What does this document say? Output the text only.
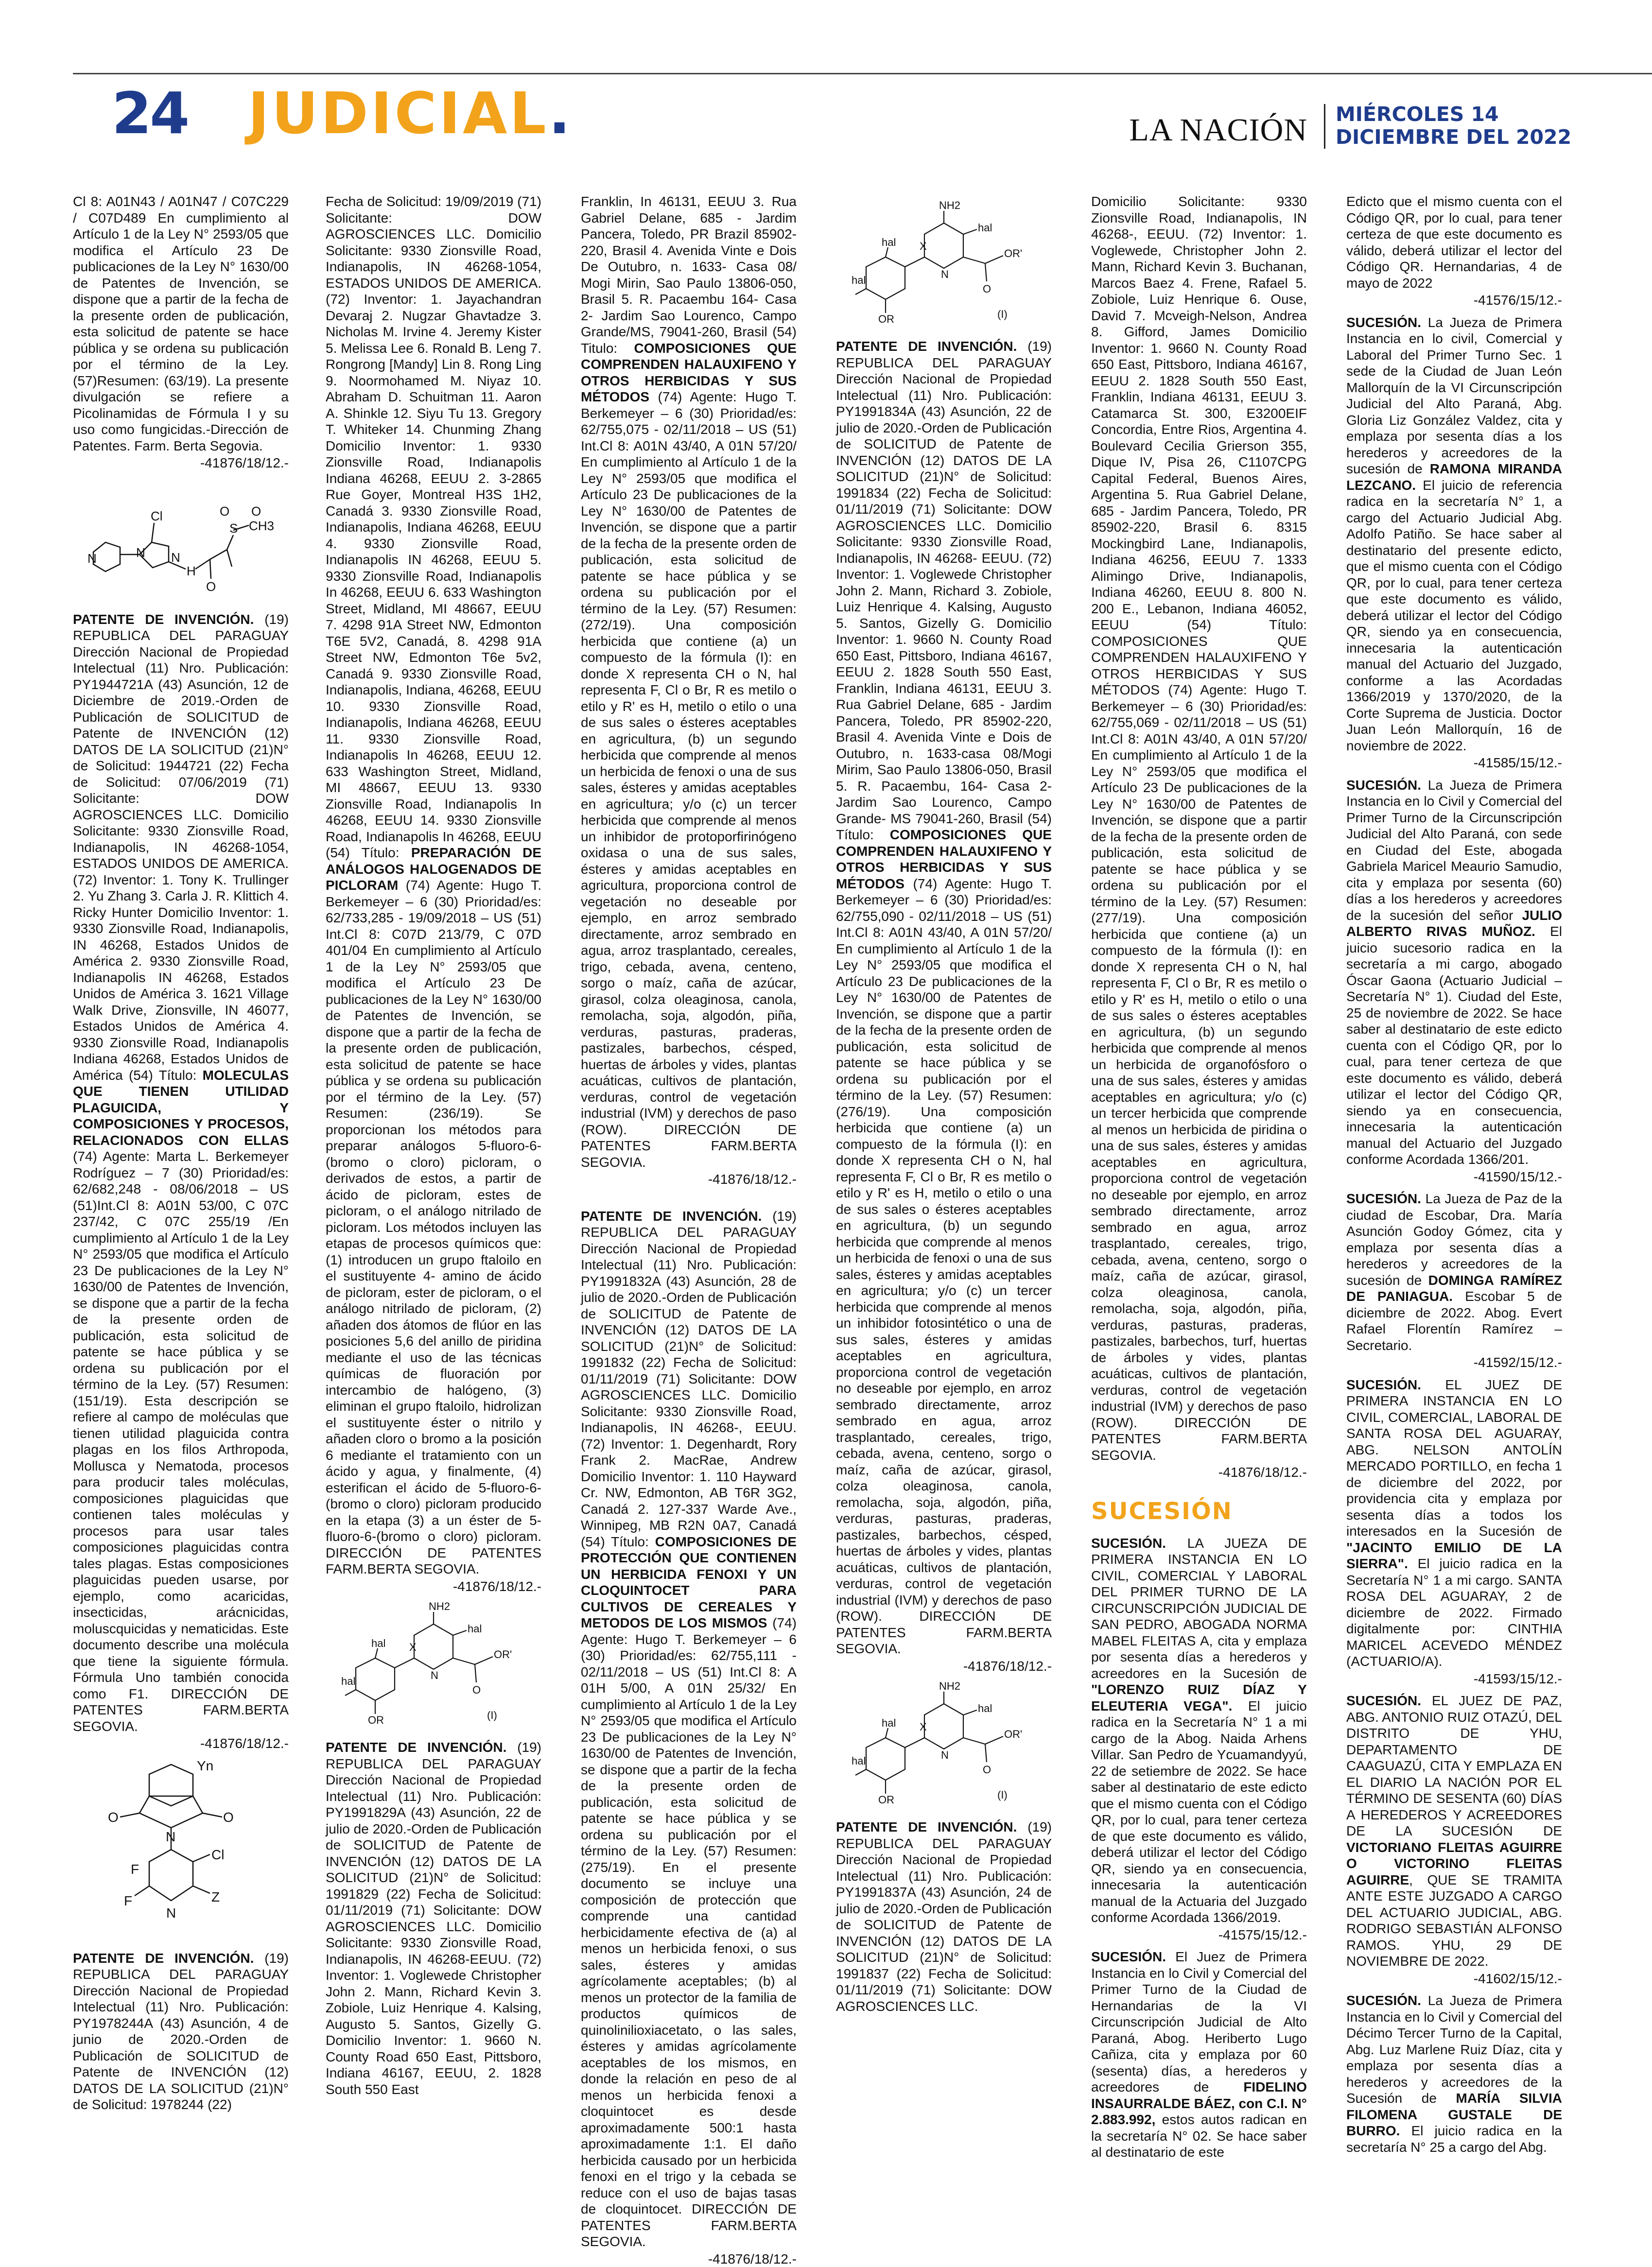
24 JUDICIAL.	LA NACIÓN MIÉRCOLES 14
DICIEMBRE DEL 2022

Cl 8: A01N43 / A01N47 / C07C229 / C07D489 En cumplimiento al Artículo 1 de la Ley N° 2593/05 que modifica el Artículo 23 De publicaciones de la Ley N° 1630/00 de Patentes de Invención, se dispone que a partir de la fecha de la presente orden de publicación, esta solicitud de patente se hace pública y se ordena su publicación por el término de la Ley. (57)Resumen: (63/19). La presente divulgación se refiere a Picolinamidas de Fórmula I y su uso como fungicidas.-Dirección de Patentes. Farm. Berta Segovia.
-41876/18/12.-

N	N N
Cl
H
O
S
O O
CH3

PATENTE DE INVENCIÓN. (19) REPUBLICA DEL PARAGUAY Dirección Nacional de Propiedad Intelectual (11) Nro. Publicación: PY1944721A (43) Asunción, 12 de Diciembre de 2019.-Orden de Publicación de SOLICITUD de Patente de INVENCIÓN (12) DATOS DE LA SOLICITUD (21)N° de Solicitud: 1944721 (22) Fecha de Solicitud: 07/06/2019 (71) Solicitante: DOW AGROSCIENCES LLC. Domicilio Solicitante: 9330 Zionsville Road, Indianapolis, IN 46268-1054, ESTADOS UNIDOS DE AMERICA. (72) Inventor: 1. Tony K. Trullinger 2. Yu Zhang 3. Carla J. R. Klittich 4. Ricky Hunter Domicilio Inventor: 1. 9330 Zionsville Road, Indianapolis, IN 46268, Estados Unidos de América 2. 9330 Zionsville Road, Indianapolis IN 46268, Estados Unidos de América 3. 1621 Village Walk Drive, Zionsville, IN 46077, Estados Unidos de América 4. 9330 Zionsville Road, Indianapolis Indiana 46268, Estados Unidos de América (54) Título: MOLECULAS QUE TIENEN UTILIDAD PLAGUICIDA, Y COMPOSICIONES Y PROCESOS, RELACIONADOS CON ELLAS (74) Agente: Marta L. Berkemeyer Rodríguez – 7 (30) Prioridad/es: 62/682,248 - 08/06/2018 – US (51)Int.Cl 8: A01N 53/00, C 07C 237/42, C 07C 255/19 /En cumplimiento al Artículo 1 de la Ley N° 2593/05 que modifica el Artículo 23 De publicaciones de la Ley N° 1630/00 de Patentes de Invención, se dispone que a partir de la fecha de la presente orden de publicación, esta solicitud de patente se hace pública y se ordena su publicación por el término de la Ley. (57) Resumen: (151/19). Esta descripción se refiere al campo de moléculas que tienen utilidad plaguicida contra plagas en los filos Arthropoda, Mollusca y Nematoda, procesos para producir tales moléculas, composiciones plaguicidas que contienen tales moléculas y procesos para usar tales composiciones plaguicidas contra tales plagas. Estas composiciones plaguicidas pueden usarse, por ejemplo, como acaricidas, insecticidas, arácnicidas, moluscquicidas y nematicidas. Este documento describe una molécula que tiene la siguiente fórmula. Fórmula Uno también conocida como F1. DIRECCIÓN DE PATENTES FARM.BERTA SEGOVIA.
-41876/18/12.-

Yn
O	O
N
F
F
Cl
N
Z

PATENTE DE INVENCIÓN. (19) REPUBLICA DEL PARAGUAY Dirección Nacional de Propiedad Intelectual (11) Nro. Publicación: PY1978244A (43) Asunción, 4 de junio de 2020.-Orden de Publicación de SOLICITUD de Patente de INVENCIÓN (12) DATOS DE LA SOLICITUD (21)N° de Solicitud: 1978244 (22)

Fecha de Solicitud: 19/09/2019 (71) Solicitante: DOW AGROSCIENCES LLC. Domicilio Solicitante: 9330 Zionsville Road, Indianapolis, IN 46268-1054, ESTADOS UNIDOS DE AMERICA. (72) Inventor: 1. Jayachandran Devaraj 2. Nugzar Ghavtadze 3. Nicholas M. Irvine 4. Jeremy Kister 5. Melissa Lee 6. Ronald B. Leng 7. Rongrong [Mandy] Lin 8. Rong Ling 9. Noormohamed M. Niyaz 10. Abraham D. Schuitman 11. Aaron A. Shinkle 12. Siyu Tu 13. Gregory T. Whiteker 14. Chunming Zhang Domicilio Inventor: 1. 9330 Zionsville Road, Indianapolis Indiana 46268, EEUU 2. 3-2865 Rue Goyer, Montreal H3S 1H2, Canadá 3. 9330 Zionsville Road, Indianapolis, Indiana 46268, EEUU 4. 9330 Zionsville Road, Indianapolis IN 46268, EEUU 5. 9330 Zionsville Road, Indianapolis In 46268, EEUU 6. 633 Washington Street, Midland, MI 48667, EEUU 7. 4298 91A Street NW, Edmonton T6E 5V2, Canadá, 8. 4298 91A Street NW, Edmonton T6e 5v2, Canadá 9. 9330 Zionsville Road, Indianapolis, Indiana, 46268, EEUU 10. 9330 Zionsville Road, Indianapolis, Indiana 46268, EEUU 11. 9330 Zionsville Road, Indianapolis In 46268, EEUU 12. 633 Washington Street, Midland, MI 48667, EEUU 13. 9330 Zionsville Road, Indianapolis In 46268, EEUU 14. 9330 Zionsville Road, Indianapolis In 46268, EEUU (54) Título: PREPARACIÓN DE ANÁLOGOS HALOGENADOS DE PICLORAM (74) Agente: Hugo T. Berkemeyer – 6 (30) Prioridad/es: 62/733,285 - 19/09/2018 – US (51) Int.Cl 8: C07D 213/79, C 07D 401/04 En cumplimiento al Artículo 1 de la Ley N° 2593/05 que modifica el Artículo 23 De publicaciones de la Ley N° 1630/00 de Patentes de Invención, se dispone que a partir de la fecha de la presente orden de publicación, esta solicitud de patente se hace pública y se ordena su publicación por el término de la Ley. (57) Resumen: (236/19). Se proporcionan los métodos para preparar análogos 5-fluoro-6-(bromo o cloro) picloram, o derivados de estos, a partir de ácido de picloram, estes de picloram, o el análogo nitrilado de picloram. Los métodos incluyen las etapas de procesos químicos que: (1) introducen un grupo ftaloilo en el sustituyente 4- amino de ácido de picloram, ester de picloram, o el análogo nitrilado de picloram, (2) añaden dos átomos de flúor en las posiciones 5,6 del anillo de piridina mediante el uso de las técnicas químicas de fluoración por intercambio de halógeno, (3) eliminan el grupo ftaloilo, hidrolizan el sustituyente éster o nitrilo y añaden cloro o bromo a la posición 6 mediante el tratamiento con un ácido y agua, y finalmente, (4) esterifican el ácido de 5-fluoro-6-(bromo o cloro) picloram producido en la etapa (3) a un éster de 5-fluoro-6-(bromo o cloro) picloram. DIRECCIÓN DE PATENTES FARM.BERTA SEGOVIA.
-41876/18/12.-

NH2
hal
N
X
O
OR'
hal
OR
hal
(I)

PATENTE DE INVENCIÓN. (19) REPUBLICA DEL PARAGUAY Dirección Nacional de Propiedad Intelectual (11) Nro. Publicación: PY1991829A (43) Asunción, 22 de julio de 2020.-Orden de Publicación de SOLICITUD de Patente de INVENCIÓN (12) DATOS DE LA SOLICITUD (21)N° de Solicitud: 1991829 (22) Fecha de Solicitud: 01/11/2019 (71) Solicitante: DOW AGROSCIENCES LLC. Domicilio Solicitante: 9330 Zionsville Road, Indianapolis, IN 46268-EEUU. (72) Inventor: 1. Voglewede Christopher John 2. Mann, Richard Kevin 3. Zobiole, Luiz Henrique 4. Kalsing, Augusto 5. Santos, Gizelly G. Domicilio Inventor: 1. 9660 N. County Road 650 East, Pittsboro, Indiana 46167, EEUU, 2. 1828 South 550 East

Franklin, In 46131, EEUU 3. Rua Gabriel Delane, 685 - Jardim Pancera, Toledo, PR Brazil 85902-220, Brasil 4. Avenida Vinte e Dois De Outubro, n. 1633- Casa 08/ Mogi Mirin, Sao Paulo 13806-050, Brasil 5. R. Pacaembu 164- Casa 2- Jardim Sao Lourenco, Campo Grande/MS, 79041-260, Brasil (54) Titulo: COMPOSICIONES QUE COMPRENDEN HALAUXIFENO Y OTROS HERBICIDAS Y SUS MÉTODOS (74) Agente: Hugo T. Berkemeyer – 6 (30) Prioridad/es: 62/755,075 - 02/11/2018 – US (51) Int.Cl 8: A01N 43/40, A 01N 57/20/ En cumplimiento al Artículo 1 de la Ley N° 2593/05 que modifica el Artículo 23 De publicaciones de la Ley N° 1630/00 de Patentes de Invención, se dispone que a partir de la fecha de la presente orden de publicación, esta solicitud de patente se hace pública y se ordena su publicación por el término de la Ley. (57) Resumen: (272/19). Una composición herbicida que contiene (a) un compuesto de la fórmula (I): en donde X representa CH o N, hal representa F, Cl o Br, R es metilo o etilo y R' es H, metilo o etilo o una de sus sales o ésteres aceptables en agricultura, (b) un segundo herbicida que comprende al menos un herbicida de fenoxi o una de sus sales, ésteres y amidas aceptables en agricultura; y/o (c) un tercer herbicida que comprende al menos un inhibidor de protoporfirinógeno oxidasa o una de sus sales, ésteres y amidas aceptables en agricultura, proporciona control de vegetación no deseable por ejemplo, en arroz sembrado directamente, arroz sembrado en agua, arroz trasplantado, cereales, trigo, cebada, avena, centeno, sorgo o maíz, caña de azúcar, girasol, colza oleaginosa, canola, remolacha, soja, algodón, piña, verduras, pasturas, praderas, pastizales, barbechos, césped, huertas de árboles y vides, plantas acuáticas, cultivos de plantación, verduras, control de vegetación industrial (IVM) y derechos de paso (ROW). DIRECCIÓN DE PATENTES FARM.BERTA SEGOVIA.
-41876/18/12.-

PATENTE DE INVENCIÓN. (19) REPUBLICA DEL PARAGUAY Dirección Nacional de Propiedad Intelectual (11) Nro. Publicación: PY1991832A (43) Asunción, 28 de julio de 2020.-Orden de Publicación de SOLICITUD de Patente de INVENCIÓN (12) DATOS DE LA SOLICITUD (21)N° de Solicitud: 1991832 (22) Fecha de Solicitud: 01/11/2019 (71) Solicitante: DOW AGROSCIENCES LLC. Domicilio Solicitante: 9330 Zionsville Road, Indianapolis, IN 46268-, EEUU. (72) Inventor: 1. Degenhardt, Rory Frank 2. MacRae, Andrew Domicilio Inventor: 1. 110 Hayward Cr. NW, Edmonton, AB T6R 3G2, Canadá 2. 127-337 Warde Ave., Winnipeg, MB R2N 0A7, Canadá (54) Título: COMPOSICIONES DE PROTECCIÓN QUE CONTIENEN UN HERBICIDA FENOXI Y UN CLOQUINTOCET PARA CULTIVOS DE CEREALES Y METODOS DE LOS MISMOS (74) Agente: Hugo T. Berkemeyer – 6 (30) Prioridad/es: 62/755,111 - 02/11/2018 – US (51) Int.Cl 8: A 01H 5/00, A 01N 25/32/ En cumplimiento al Artículo 1 de la Ley N° 2593/05 que modifica el Artículo 23 De publicaciones de la Ley N° 1630/00 de Patentes de Invención, se dispone que a partir de la fecha de la presente orden de publicación, esta solicitud de patente se hace pública y se ordena su publicación por el término de la Ley. (57) Resumen: (275/19). En el presente documento se incluye una composición de protección que comprende una cantidad herbicidamente efectiva de (a) al menos un herbicida fenoxi, o sus sales, ésteres y amidas agrícolamente aceptables; (b) al menos un protector de la familia de productos químicos de quinolinilioxiacetato, o las sales, ésteres y amidas agrícolamente aceptables de los mismos, en donde la relación en peso de al menos un herbicida fenoxi a cloquintocet es desde aproximadamente 500:1 hasta aproximadamente 1:1. El daño herbicida causado por un herbicida fenoxi en el trigo y la cebada se reduce con el uso de bajas tasas de cloquintocet. DIRECCIÓN DE PATENTES FARM.BERTA SEGOVIA.
-41876/18/12.-

NH2
hal
N
X
O
OR'
hal
OR
hal
(I)

PATENTE DE INVENCIÓN. (19) REPUBLICA DEL PARAGUAY Dirección Nacional de Propiedad Intelectual (11) Nro. Publicación: PY1991834A (43) Asunción, 22 de julio de 2020.-Orden de Publicación de SOLICITUD de Patente de INVENCIÓN (12) DATOS DE LA SOLICITUD (21)N° de Solicitud: 1991834 (22) Fecha de Solicitud: 01/11/2019 (71) Solicitante: DOW AGROSCIENCES LLC. Domicilio Solicitante: 9330 Zionsville Road, Indianapolis, IN 46268- EEUU. (72) Inventor: 1. Voglewede Christopher John 2. Mann, Richard 3. Zobiole, Luiz Henrique 4. Kalsing, Augusto 5. Santos, Gizelly G. Domicilio Inventor: 1. 9660 N. County Road 650 East, Pittsboro, Indiana 46167, EEUU 2. 1828 South 550 East, Franklin, Indiana 46131, EEUU 3. Rua Gabriel Delane, 685 - Jardim Pancera, Toledo, PR 85902-220, Brasil 4. Avenida Vinte e Dois de Outubro, n. 1633-casa 08/Mogi Mirim, Sao Paulo 13806-050, Brasil 5. R. Pacaembu, 164- Casa 2- Jardim Sao Lourenco, Campo Grande- MS 79041-260, Brasil (54) Título: COMPOSICIONES QUE COMPRENDEN HALAUXIFENO Y OTROS HERBICIDAS Y SUS MÉTODOS (74) Agente: Hugo T. Berkemeyer – 6 (30) Prioridad/es: 62/755,090 - 02/11/2018 – US (51) Int.Cl 8: A01N 43/40, A 01N 57/20/ En cumplimiento al Artículo 1 de la Ley N° 2593/05 que modifica el Artículo 23 De publicaciones de la Ley N° 1630/00 de Patentes de Invención, se dispone que a partir de la fecha de la presente orden de publicación, esta solicitud de patente se hace pública y se ordena su publicación por el término de la Ley. (57) Resumen: (276/19). Una composición herbicida que contiene (a) un compuesto de la fórmula (I): en donde X representa CH o N, hal representa F, Cl o Br, R es metilo o etilo y R' es H, metilo o etilo o una de sus sales o ésteres aceptables en agricultura, (b) un segundo herbicida que comprende al menos un herbicida de fenoxi o una de sus sales, ésteres y amidas aceptables en agricultura; y/o (c) un tercer herbicida que comprende al menos un inhibidor fotosintético o una de sus sales, ésteres y amidas aceptables en agricultura, proporciona control de vegetación no deseable por ejemplo, en arroz sembrado directamente, arroz sembrado en agua, arroz trasplantado, cereales, trigo, cebada, avena, centeno, sorgo o maíz, caña de azúcar, girasol, colza oleaginosa, canola, remolacha, soja, algodón, piña, verduras, pasturas, praderas, pastizales, barbechos, césped, huertas de árboles y vides, plantas acuáticas, cultivos de plantación, verduras, control de vegetación industrial (IVM) y derechos de paso (ROW). DIRECCIÓN DE PATENTES FARM.BERTA SEGOVIA.
-41876/18/12.-

NH2
hal
N
X
O
OR'
hal
OR
hal
(I)

PATENTE DE INVENCIÓN. (19) REPUBLICA DEL PARAGUAY Dirección Nacional de Propiedad Intelectual (11) Nro. Publicación: PY1991837A (43) Asunción, 24 de julio de 2020.-Orden de Publicación de SOLICITUD de Patente de INVENCIÓN (12) DATOS DE LA SOLICITUD (21)N° de Solicitud: 1991837 (22) Fecha de Solicitud: 01/11/2019 (71) Solicitante: DOW AGROSCIENCES LLC.

Domicilio Solicitante: 9330 Zionsville Road, Indianapolis, IN 46268-, EEUU. (72) Inventor: 1. Voglewede, Christopher John 2. Mann, Richard Kevin 3. Buchanan, Marcos Baez 4. Frene, Rafael 5. Zobiole, Luiz Henrique 6. Ouse, David 7. Mcveigh-Nelson, Andrea 8. Gifford, James Domicilio Inventor: 1. 9660 N. County Road 650 East, Pittsboro, Indiana 46167, EEUU 2. 1828 South 550 East, Franklin, Indiana 46131, EEUU 3. Catamarca St. 300, E3200EIF Concordia, Entre Rios, Argentina 4. Boulevard Cecilia Grierson 355, Dique IV, Pisa 26, C1107CPG Capital Federal, Buenos Aires, Argentina 5. Rua Gabriel Delane, 685 - Jardim Pancera, Toledo, PR 85902-220, Brasil 6. 8315 Mockingbird Lane, Indianapolis, Indiana 46256, EEUU 7. 1333 Alimingo Drive, Indianapolis, Indiana 46260, EEUU 8. 800 N. 200 E., Lebanon, Indiana 46052, EEUU (54) Título: COMPOSICIONES QUE COMPRENDEN HALAUXIFENO Y OTROS HERBICIDAS Y SUS MÉTODOS (74) Agente: Hugo T. Berkemeyer – 6 (30) Prioridad/es: 62/755,069 - 02/11/2018 – US (51) Int.Cl 8: A01N 43/40, A 01N 57/20/ En cumplimiento al Artículo 1 de la Ley N° 2593/05 que modifica el Artículo 23 De publicaciones de la Ley N° 1630/00 de Patentes de Invención, se dispone que a partir de la fecha de la presente orden de publicación, esta solicitud de patente se hace pública y se ordena su publicación por el término de la Ley. (57) Resumen: (277/19). Una composición herbicida que contiene (a) un compuesto de la fórmula (I): en donde X representa CH o N, hal representa F, Cl o Br, R es metilo o etilo y R' es H, metilo o etilo o una de sus sales o ésteres aceptables en agricultura, (b) un segundo herbicida que comprende al menos un herbicida de organofósforo o una de sus sales, ésteres y amidas aceptables en agricultura; y/o (c) un tercer herbicida que comprende al menos un herbicida de piridina o una de sus sales, ésteres y amidas aceptables en agricultura, proporciona control de vegetación no deseable por ejemplo, en arroz sembrado directamente, arroz sembrado en agua, arroz trasplantado, cereales, trigo, cebada, avena, centeno, sorgo o maíz, caña de azúcar, girasol, colza oleaginosa, canola, remolacha, soja, algodón, piña, verduras, pasturas, praderas, pastizales, barbechos, turf, huertas de árboles y vides, plantas acuáticas, cultivos de plantación, verduras, control de vegetación industrial (IVM) y derechos de paso (ROW). DIRECCIÓN DE PATENTES FARM.BERTA SEGOVIA.
-41876/18/12.-

SUCESIÓN

SUCESIÓN. LA JUEZA DE PRIMERA INSTANCIA EN LO CIVIL, COMERCIAL Y LABORAL DEL PRIMER TURNO DE LA CIRCUNSCRIPCIÓN JUDICIAL DE SAN PEDRO, ABOGADA NORMA MABEL FLEITAS A, cita y emplaza por sesenta días a herederos y acreedores en la Sucesión de "LORENZO RUIZ DÍAZ Y ELEUTERIA VEGA". El juicio radica en la Secretaría N° 1 a mi cargo de la Abog. Naida Arhens Villar. San Pedro de Ycuamandyyú, 22 de setiembre de 2022. Se hace saber al destinatario de este edicto que el mismo cuenta con el Código QR, por lo cual, para tener certeza de que este documento es válido, deberá utilizar el lector del Código QR, siendo ya en consecuencia, innecesaria la autenticación manual de la Actuaria del Juzgado conforme Acordada 1366/2019.
-41575/15/12.-

SUCESIÓN. El Juez de Primera Instancia en lo Civil y Comercial del Primer Turno de la Ciudad de Hernandarias de la VI Circunscripción Judicial de Alto Paraná, Abog. Heriberto Lugo Cañiza, cita y emplaza por 60 (sesenta) días, a herederos y acreedores de FIDELINO INSAURRALDE BÁEZ, con C.I. N° 2.883.992, estos autos radican en la secretaría N° 02. Se hace saber al destinatario de este

Edicto que el mismo cuenta con el Código QR, por lo cual, para tener certeza de que este documento es válido, deberá utilizar el lector del Código QR. Hernandarias, 4 de mayo de 2022
-41576/15/12.-

SUCESIÓN. La Jueza de Primera Instancia en lo civil, Comercial y Laboral del Primer Turno Sec. 1 sede de la Ciudad de Juan León Mallorquín de la VI Circunscripción Judicial del Alto Paraná, Abg. Gloria Liz González Valdez, cita y emplaza por sesenta días a los herederos y acreedores de la sucesión de RAMONA MIRANDA LEZCANO. El juicio de referencia radica en la secretaría N° 1, a cargo del Actuario Judicial Abg. Adolfo Patiño. Se hace saber al destinatario del presente edicto, que el mismo cuenta con el Código QR, por lo cual, para tener certeza que este documento es válido, deberá utilizar el lector del Código QR, siendo ya en consecuencia, innecesaria la autenticación manual del Actuario del Juzgado, conforme a las Acordadas 1366/2019 y 1370/2020, de la Corte Suprema de Justicia. Doctor Juan León Mallorquín, 16 de noviembre de 2022.
-41585/15/12.-

SUCESIÓN. La Jueza de Primera Instancia en lo Civil y Comercial del Primer Turno de la Circunscripción Judicial del Alto Paraná, con sede en Ciudad del Este, abogada Gabriela Maricel Meaurio Samudio, cita y emplaza por sesenta (60) días a los herederos y acreedores de la sucesión del señor JULIO ALBERTO RIVAS MUÑOZ. El juicio sucesorio radica en la secretaría a mi cargo, abogado Óscar Gaona (Actuario Judicial – Secretaría N° 1). Ciudad del Este, 25 de noviembre de 2022. Se hace saber al destinatario de este edicto cuenta con el Código QR, por lo cual, para tener certeza de que este documento es válido, deberá utilizar el lector del Código QR, siendo ya en consecuencia, innecesaria la autenticación manual del Actuario del Juzgado conforme Acordada 1366/201.
-41590/15/12.-

SUCESIÓN. La Jueza de Paz de la ciudad de Escobar, Dra. María Asunción Godoy Gómez, cita y emplaza por sesenta días a herederos y acreedores de la sucesión de DOMINGA RAMÍREZ DE PANIAGUA. Escobar 5 de diciembre de 2022. Abog. Evert Rafael Florentín Ramírez – Secretario.
-41592/15/12.-

SUCESIÓN. EL JUEZ DE PRIMERA INSTANCIA EN LO CIVIL, COMERCIAL, LABORAL DE SANTA ROSA DEL AGUARAY, ABG. NELSON ANTOLÍN MERCADO PORTILLO, en fecha 1 de diciembre del 2022, por providencia cita y emplaza por sesenta días a todos los interesados en la Sucesión de "JACINTO EMILIO DE LA SIERRA". El juicio radica en la Secretaría N° 1 a mi cargo. SANTA ROSA DEL AGUARAY, 2 de diciembre de 2022. Firmado digitalmente por: CINTHIA MARICEL ACEVEDO MÉNDEZ (ACTUARIO/A).
-41593/15/12.-

SUCESIÓN. EL JUEZ DE PAZ, ABG. ANTONIO RUIZ OTAZÚ, DEL DISTRITO DE YHU, DEPARTAMENTO DE CAAGUAZÚ, CITA Y EMPLAZA EN EL DIARIO LA NACIÓN POR EL TÉRMINO DE SESENTA (60) DÍAS A HEREDEROS Y ACREEDORES DE LA SUCESIÓN DE VICTORIANO FLEITAS AGUIRRE O VICTORINO FLEITAS AGUIRRE, QUE SE TRAMITA ANTE ESTE JUZGADO A CARGO DEL ACTUARIO JUDICIAL, ABG. RODRIGO SEBASTIÁN ALFONSO RAMOS. YHU, 29 DE NOVIEMBRE DE 2022.
-41602/15/12.-

SUCESIÓN. La Jueza de Primera Instancia en lo Civil y Comercial del Décimo Tercer Turno de la Capital, Abg. Luz Marlene Ruiz Díaz, cita y emplaza por sesenta días a herederos y acreedores de la Sucesión de MARÍA SILVIA FILOMENA GUSTALE DE BURRO. El juicio radica en la secretaría N° 25 a cargo del Abg.
